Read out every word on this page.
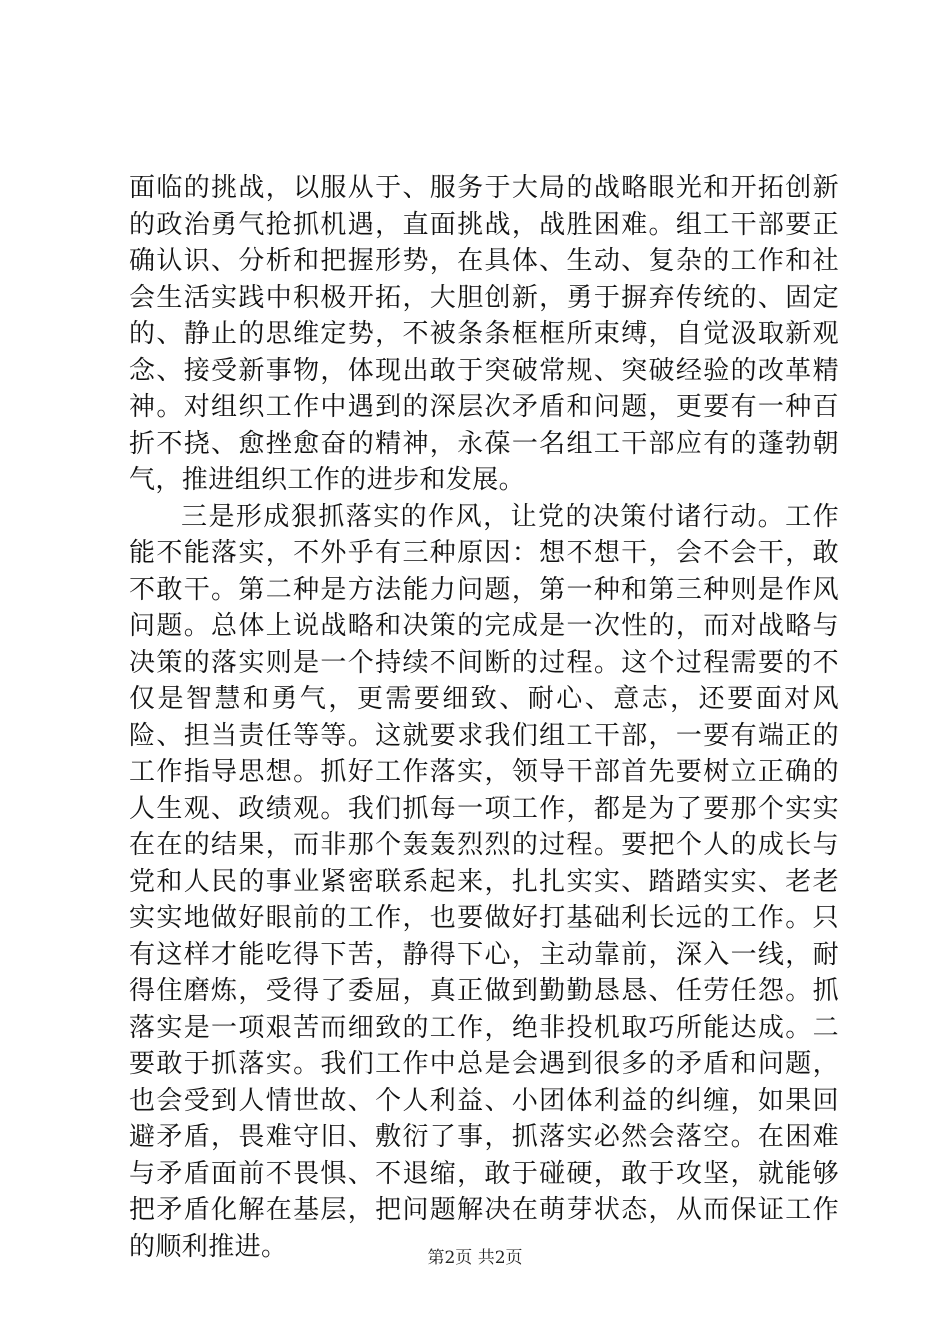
面临的挑战，以服从于、服务于大局的战略眼光和开拓创新的政治勇气抢抓机遇，直面挑战，战胜困难。组工干部要正确认识、分析和把握形势，在具体、生动、复杂的工作和社会生活实践中积极开拓，大胆创新，勇于摒弃传统的、固定的、静止的思维定势，不被条条框框所束缚，自觉汲取新观念、接受新事物，体现出敢于突破常规、突破经验的改革精神。对组织工作中遇到的深层次矛盾和问题，更要有一种百折不挠、愈挫愈奋的精神，永葆一名组工干部应有的蓬勃朝气，推进组织工作的进步和发展。

三是形成狠抓落实的作风，让党的决策付诸行动。工作能不能落实，不外乎有三种原因：想不想干，会不会干，敢不敢干。第二种是方法能力问题，第一种和第三种则是作风问题。总体上说战略和决策的完成是一次性的，而对战略与决策的落实则是一个持续不间断的过程。这个过程需要的不仅是智慧和勇气，更需要细致、耐心、意志，还要面对风险、担当责任等等。这就要求我们组工干部，一要有端正的工作指导思想。抓好工作落实，领导干部首先要树立正确的人生观、政绩观。我们抓每一项工作，都是为了要那个实实在在的结果，而非那个轰轰烈烈的过程。要把个人的成长与党和人民的事业紧密联系起来，扎扎实实、踏踏实实、老老实实地做好眼前的工作，也要做好打基础利长远的工作。只有这样才能吃得下苦，静得下心，主动靠前，深入一线，耐得住磨炼，受得了委屈，真正做到勤勤恳恳、任劳任怨。抓落实是一项艰苦而细致的工作，绝非投机取巧所能达成。二要敢于抓落实。我们工作中总是会遇到很多的矛盾和问题，也会受到人情世故、个人利益、小团体利益的纠缠，如果回避矛盾，畏难守旧、敷衍了事，抓落实必然会落空。在困难与矛盾面前不畏惧、不退缩，敢于碰硬，敢于攻坚，就能够把矛盾化解在基层，把问题解决在萌芽状态，从而保证工作的顺利推进。	第2页 共2页
